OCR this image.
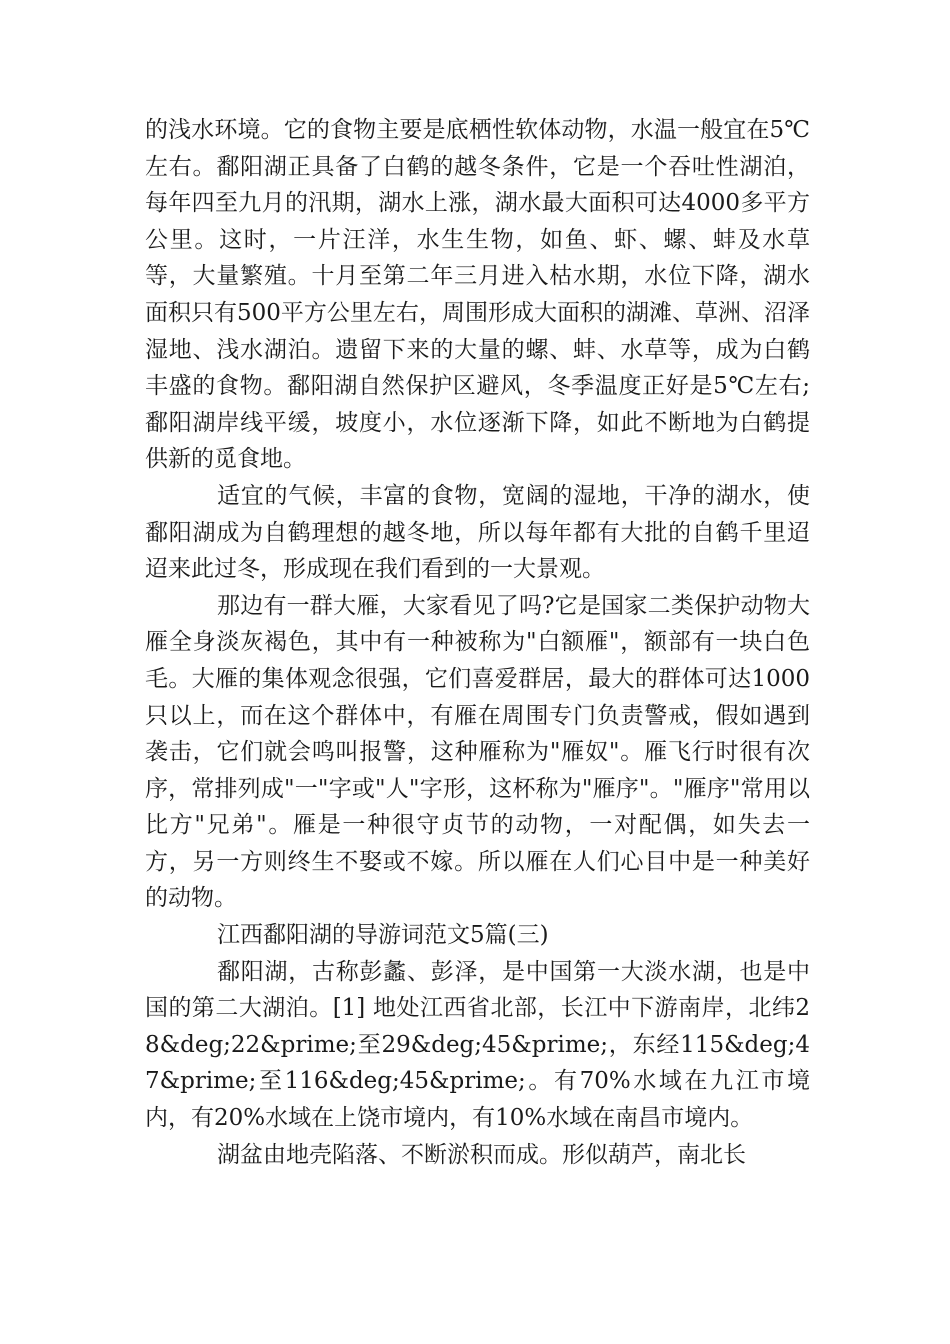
的浅水环境。它的食物主要是底栖性软体动物，水温一般宜在5℃左右。鄱阳湖正具备了白鹤的越冬条件，它是一个吞吐性湖泊，每年四至九月的汛期，湖水上涨，湖水最大面积可达4000多平方公里。这时，一片汪洋，水生生物，如鱼、虾、螺、蚌及水草等，大量繁殖。十月至第二年三月进入枯水期，水位下降，湖水面积只有500平方公里左右，周围形成大面积的湖滩、草洲、沼泽湿地、浅水湖泊。遗留下来的大量的螺、蚌、水草等，成为白鹤丰盛的食物。鄱阳湖自然保护区避风，冬季温度正好是5℃左右;鄱阳湖岸线平缓，坡度小，水位逐渐下降，如此不断地为白鹤提供新的觅食地。

适宜的气候，丰富的食物，宽阔的湿地，干净的湖水，使鄱阳湖成为自鹤理想的越冬地，所以每年都有大批的自鹤千里迢迢来此过冬，形成现在我们看到的一大景观。

那边有一群大雁，大家看见了吗?它是国家二类保护动物大雁全身淡灰褐色，其中有一种被称为"白额雁"，额部有一块白色毛。大雁的集体观念很强，它们喜爱群居，最大的群体可达1000只以上，而在这个群体中，有雁在周围专门负责警戒，假如遇到袭击，它们就会鸣叫报警，这种雁称为"雁奴"。雁飞行时很有次序，常排列成"一"字或"人"字形，这杯称为"雁序"。"雁序"常用以比方"兄弟"。雁是一种很守贞节的动物，一对配偶，如失去一方，另一方则终生不娶或不嫁。所以雁在人们心目中是一种美好的动物。

江西鄱阳湖的导游词范文5篇(三)

鄱阳湖，古称彭蠡、彭泽，是中国第一大淡水湖，也是中国的第二大湖泊。[1] 地处江西省北部，长江中下游南岸，北纬28&deg;22&prime;至29&deg;45&prime;，东经115&deg;47&prime;至116&deg;45&prime;。有70%水域在九江市境内，有20%水域在上饶市境内，有10%水域在南昌市境内。

湖盆由地壳陷落、不断淤积而成。形似葫芦，南北长
